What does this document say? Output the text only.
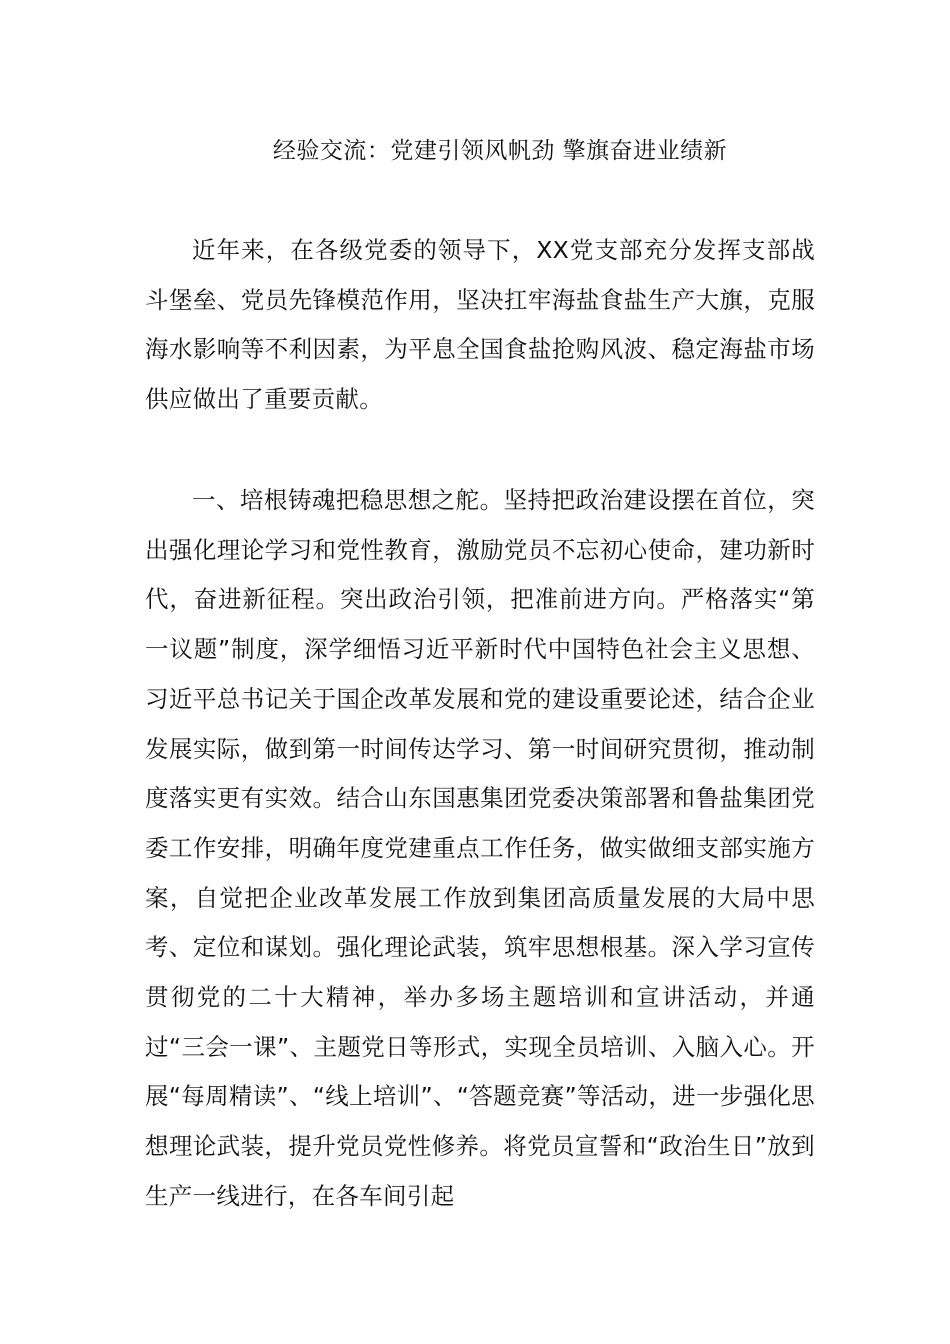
经验交流：党建引领风帆劲 擎旗奋进业绩新

近年来，在各级党委的领导下，XX党支部充分发挥支部战斗堡垒、党员先锋模范作用，坚决扛牢海盐食盐生产大旗，克服海水影响等不利因素，为平息全国食盐抢购风波、稳定海盐市场供应做出了重要贡献。

一、培根铸魂把稳思想之舵。坚持把政治建设摆在首位，突出强化理论学习和党性教育，激励党员不忘初心使命，建功新时代，奋进新征程。突出政治引领，把准前进方向。严格落实“第一议题”制度，深学细悟习近平新时代中国特色社会主义思想、习近平总书记关于国企改革发展和党的建设重要论述，结合企业发展实际，做到第一时间传达学习、第一时间研究贯彻，推动制度落实更有实效。结合山东国惠集团党委决策部署和鲁盐集团党委工作安排，明确年度党建重点工作任务，做实做细支部实施方案，自觉把企业改革发展工作放到集团高质量发展的大局中思考、定位和谋划。强化理论武装，筑牢思想根基。深入学习宣传贯彻党的二十大精神，举办多场主题培训和宣讲活动，并通过“三会一课”、主题党日等形式，实现全员培训、入脑入心。开展“每周精读”、“线上培训”、“答题竞赛”等活动，进一步强化思想理论武装，提升党员党性修养。将党员宣誓和“政治生日”放到生产一线进行，在各车间引起
